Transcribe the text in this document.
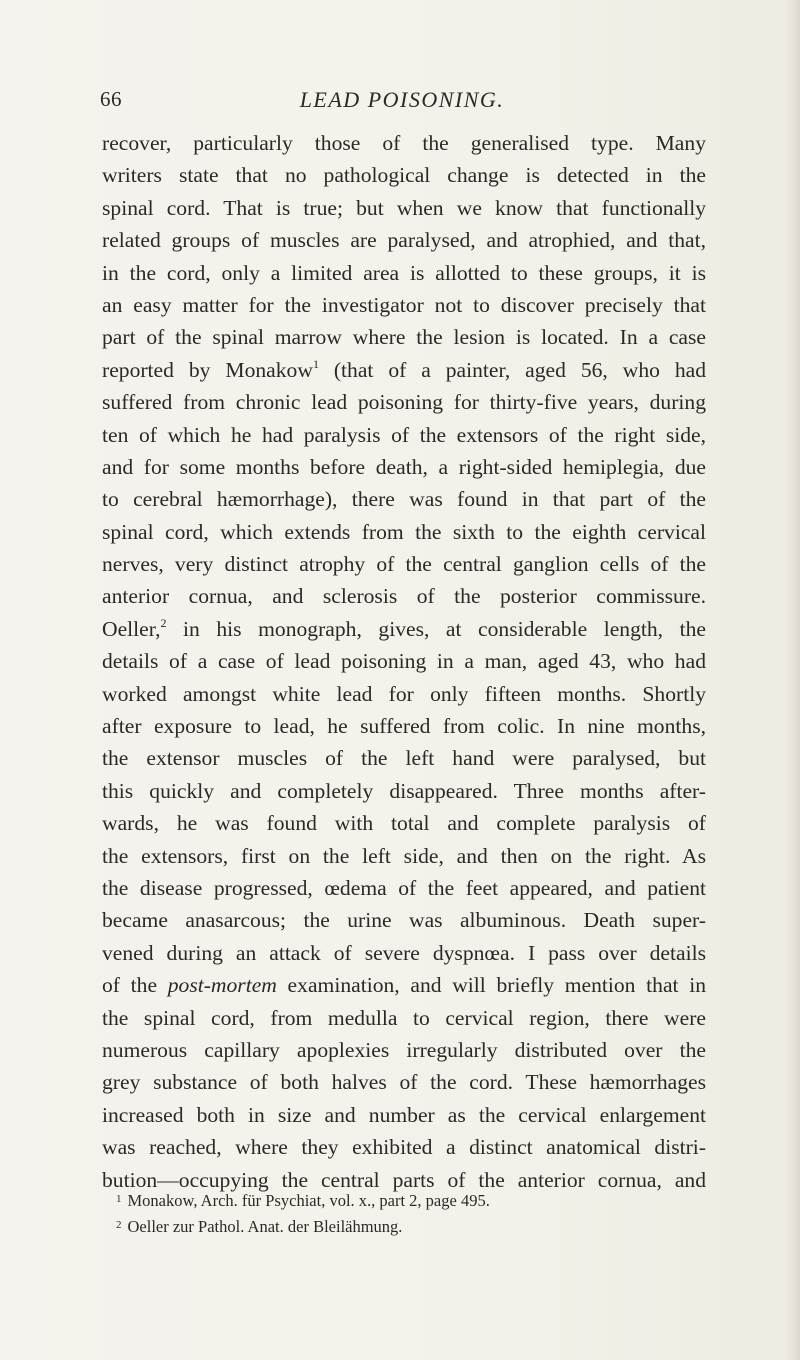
66	LEAD POISONING.
recover, particularly those of the generalised type. Many
writers state that no pathological change is detected in the
spinal cord. That is true; but when we know that functionally
related groups of muscles are paralysed, and atrophied, and that,
in the cord, only a limited area is allotted to these groups, it is
an easy matter for the investigator not to discover precisely that
part of the spinal marrow where the lesion is located. In a case
reported by Monakow$^1$ (that of a painter, aged 56, who had
suffered from chronic lead poisoning for thirty-five years, during
ten of which he had paralysis of the extensors of the right side,
and for some months before death, a right-sided hemiplegia, due
to cerebral hæmorrhage), there was found in that part of the
spinal cord, which extends from the sixth to the eighth cervical
nerves, very distinct atrophy of the central ganglion cells of the
anterior cornua, and sclerosis of the posterior commissure.
Oeller,$^2$ in his monograph, gives, at considerable length, the
details of a case of lead poisoning in a man, aged 43, who had
worked amongst white lead for only fifteen months. Shortly
after exposure to lead, he suffered from colic. In nine months,
the extensor muscles of the left hand were paralysed, but
this quickly and completely disappeared. Three months after-
wards, he was found with total and complete paralysis of
the extensors, first on the left side, and then on the right. As
the disease progressed, œdema of the feet appeared, and patient
became anasarcous; the urine was albuminous. Death super-
vened during an attack of severe dyspnœa. I pass over details
of the post-mortem examination, and will briefly mention that in
the spinal cord, from medulla to cervical region, there were
numerous capillary apoplexies irregularly distributed over the
grey substance of both halves of the cord. These hæmorrhages
increased both in size and number as the cervical enlargement
was reached, where they exhibited a distinct anatomical distri-
bution—occupying the central parts of the anterior cornua, and
$^1$ Monakow, Arch. für Psychiat, vol. x., part 2, page 495.
$^2$ Oeller zur Pathol. Anat. der Bleilähmung.
